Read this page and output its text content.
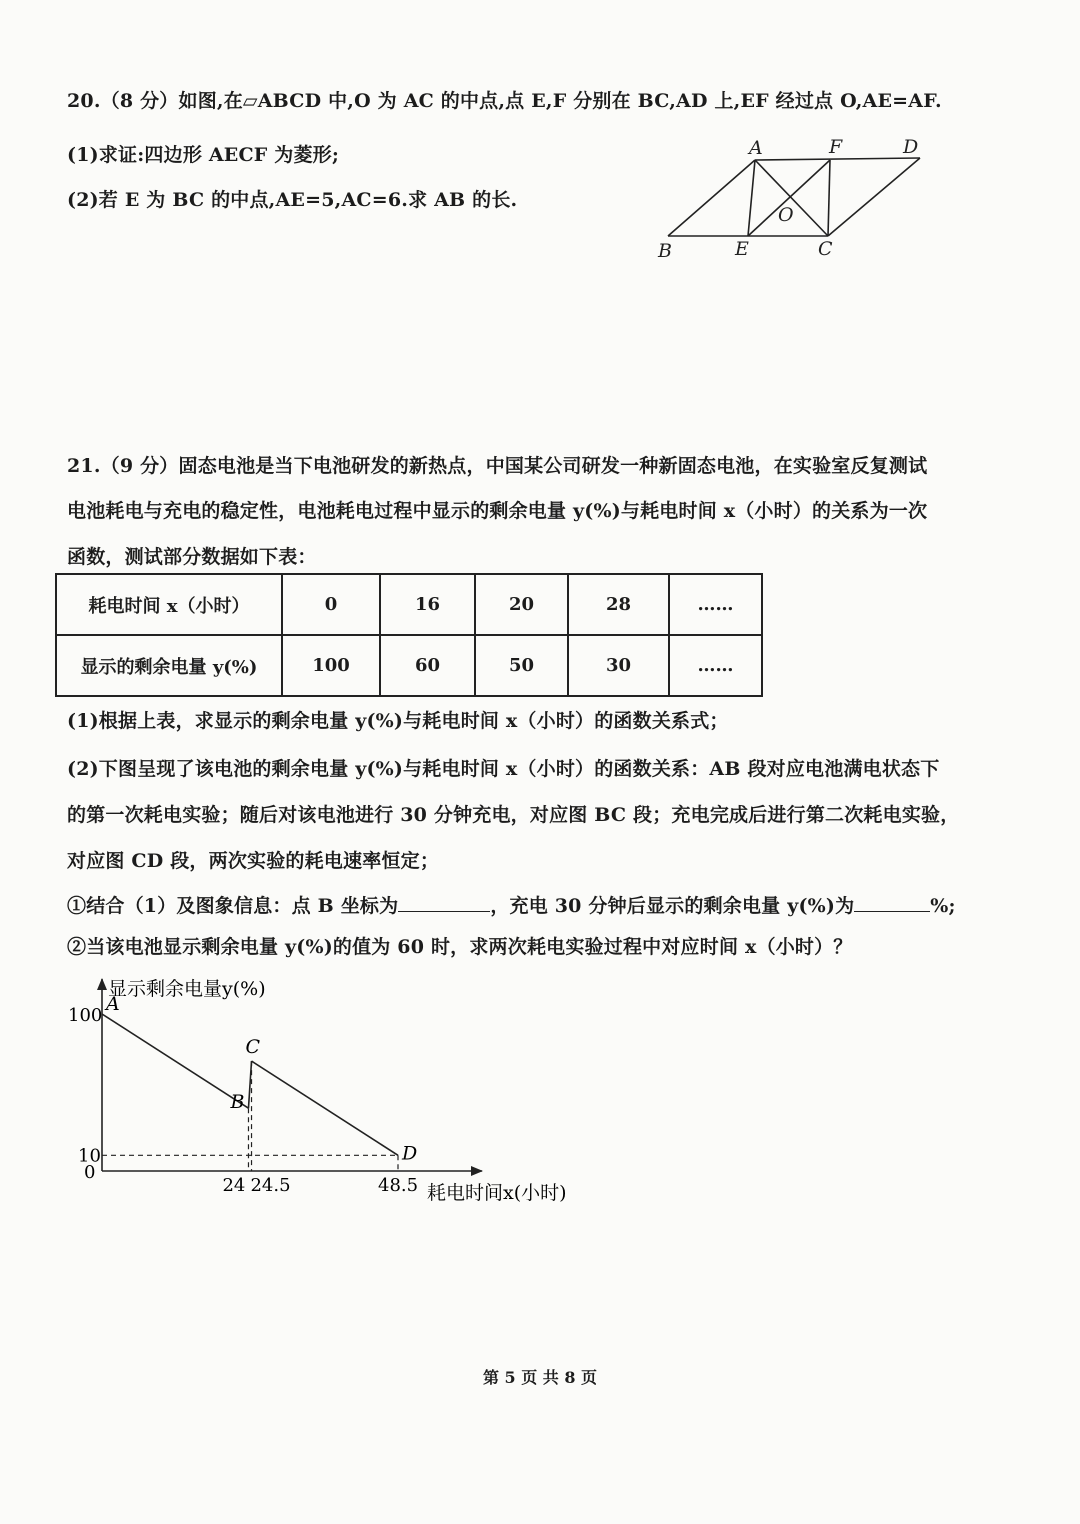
20.（8 分）如图,在▱ABCD 中,O 为 AC 的中点,点 E,F 分别在 BC,AD 上,EF 经过点 O,AE=AF.
(1)求证:四边形 AECF 为菱形;
(2)若 E 为 BC 的中点,AE=5,AC=6.求 AB 的长.
A	F	D
O
B	E	C
21.（9 分）固态电池是当下电池研发的新热点，中国某公司研发一种新固态电池，在实验室反复测试
电池耗电与充电的稳定性，电池耗电过程中显示的剩余电量 y(%)与耗电时间 x（小时）的关系为一次
函数，测试部分数据如下表：
耗电时间 x（小时）	0	16	20	28	……
显示的剩余电量 y(%)	100	60	50	30	……
(1)根据上表，求显示的剩余电量 y(%)与耗电时间 x（小时）的函数关系式；
(2)下图呈现了该电池的剩余电量 y(%)与耗电时间 x（小时）的函数关系：AB 段对应电池满电状态下
的第一次耗电实验；随后对该电池进行 30 分钟充电，对应图 BC 段；充电完成后进行第二次耗电实验，
对应图 CD 段，两次实验的耗电速率恒定；
①结合（1）及图象信息：点 B 坐标为	，充电 30 分钟后显示的剩余电量 y(%)为	%;
②当该电池显示剩余电量 y(%)的值为 60 时，求两次耗电实验过程中对应时间 x（小时）？
显示剩余电量y(%)
耗电时间x(小时)
0
A
B
C
D
24 24.5	48.5
100
10
第 5 页 共 8 页
